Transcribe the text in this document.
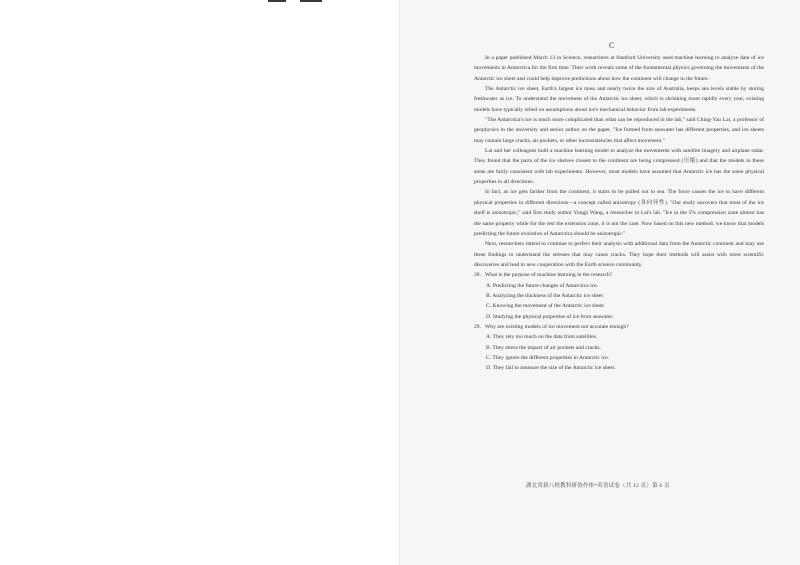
C

In a paper published March 13 in Science, researchers at Stanford University used machine learning to analyze data of ice movements in Antarctica for the first time. Their work reveals some of the fundamental physics governing the movements of the Antarctic ice sheet and could help improve predictions about how the continent will change in the future.

The Antarctic ice sheet, Earth's largest ice mass and nearly twice the size of Australia, keeps sea levels stable by storing freshwater as ice. To understand the movement of the Antarctic ice sheet, which is shrinking more rapidly every year, existing models have typically relied on assumptions about ice's mechanical behavior from lab experiments.

"The Antarctica's ice is much more complicated than what can be reproduced in the lab," said Ching-Yao Lai, a professor of geophysics in the university and senior author on the paper. "Ice formed from seawater has different properties, and ice sheets may contain large cracks, air pockets, or other inconsistencies that affect movement."

Lai and her colleagues built a machine learning model to analyze the movements with satellite imagery and airplane radar. They found that the parts of the ice shelves closest to the continent are being compressed (压缩) and that the models in these areas are fairly consistent with lab experiments. However, most models have assumed that Antarctic ice has the same physical properties in all directions.

In fact, as ice gets farther from the continent, it starts to be pulled out to sea. The force causes the ice to have different physical properties in different directions—a concept called anisotropy (各向异性). "Our study uncovers that most of the ice shelf is anisotropic," said first study author Yongji Wang, a researcher in Lai's lab. "Ice in the 5% compression zone almost has the same property while for the rest the extension zone, it is not the case. Now based on this new method, we know that models predicting the future evolution of Antarctica should be anisotropic."

Next, researchers intend to continue to perfect their analysis with additional data from the Antarctic continent and may use these findings to understand the stresses that may cause cracks. They hope their methods will assist with more scientific discoveries and lead to new cooperation with the Earth science community.

28. What is the purpose of machine learning in the research?
A. Predicting the future changes of Antarctica ice.
B. Analyzing the thickness of the Antarctic ice sheet
C. Knowing the movement of the Antarctic ice sheet.
D. Studying the physical properties of ice from seawater.
29. Why are existing models of ice movement not accurate enough?
A. They rely too much on the data from satellites.
B. They stress the impact of air pockets and cracks.
C. They ignore the different properties in Antarctic ice.
D. They fail to measure the size of the Antarctic ice sheet.
湖北省新八校教科研协作体*英语试卷（共 12 页）第 6 页
